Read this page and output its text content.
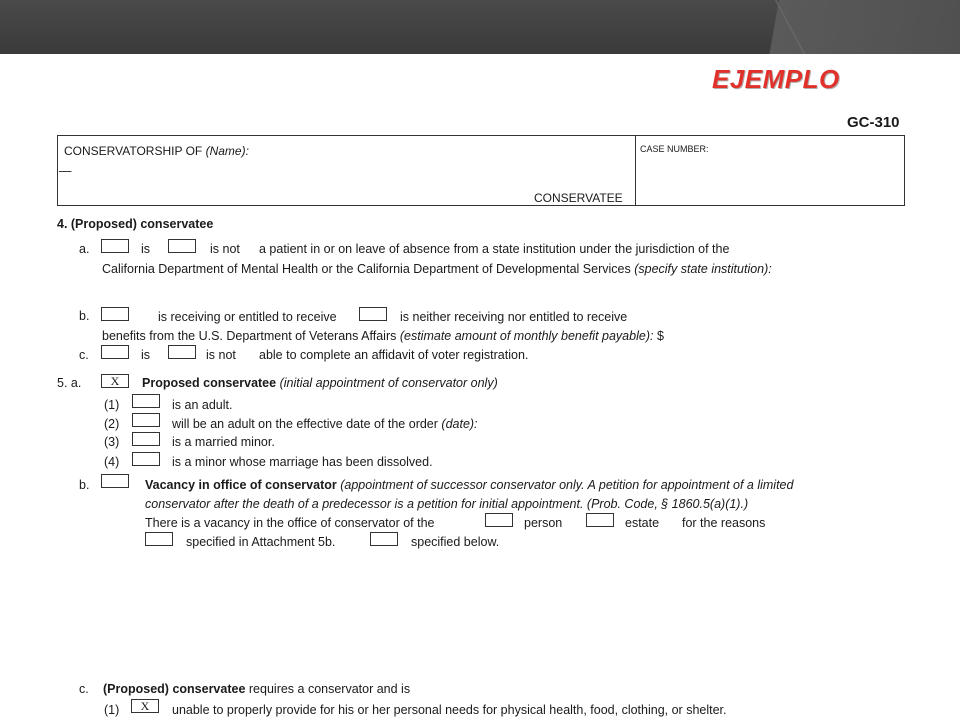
EJEMPLO
GC-310
CONSERVATORSHIP OF (Name):
—
CONSERVATEE
CASE NUMBER:
4. (Proposed) conservatee
a.	is	is not a patient in or on leave of absence from a state institution under the jurisdiction of the
California Department of Mental Health or the California Department of Developmental Services (specify state institution):
b.	is receiving or entitled to receive	is neither receiving nor entitled to receive
benefits from the U.S. Department of Veterans Affairs (estimate amount of monthly benefit payable): $
c.	is	is not able to complete an affidavit of voter registration.
5. a.	X	Proposed conservatee (initial appointment of conservator only)
(1)	is an adult.
(2)	will be an adult on the effective date of the order (date):
(3)	is a married minor.
(4)	is a minor whose marriage has been dissolved.
b.	Vacancy in office of conservator (appointment of successor conservator only. A petition for appointment of a limited
conservator after the death of a predecessor is a petition for initial appointment. (Prob. Code, § 1860.5(a)(1).)
There is a vacancy in the office of conservator of the	person	estate for the reasons
specified in Attachment 5b.	specified below.
c. (Proposed) conservatee requires a conservator and is
(1)	X	unable to properly provide for his or her personal needs for physical health, food, clothing, or shelter.
